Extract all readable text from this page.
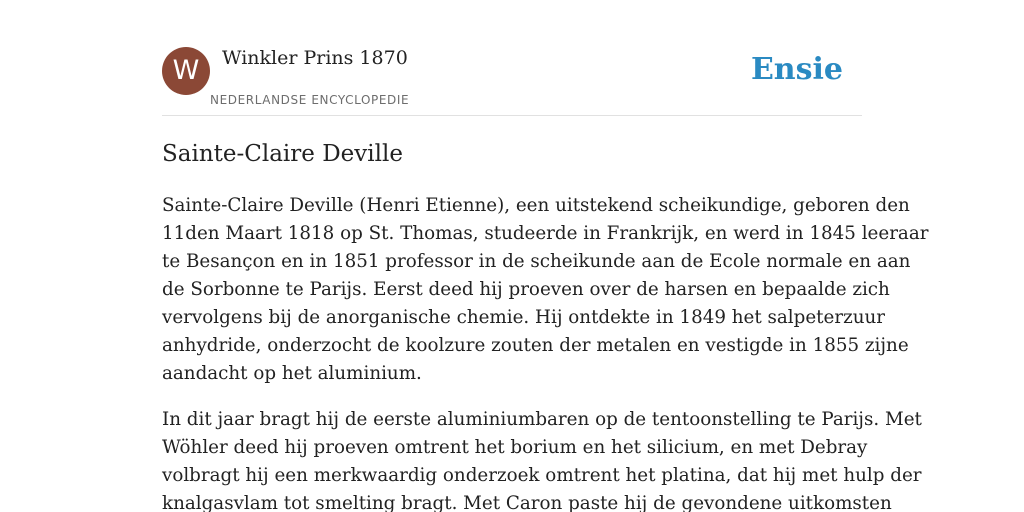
W	Winkler Prins 1870
NEDERLANDSE ENCYCLOPEDIE
Ensie
Sainte-Claire Deville

Sainte-Claire Deville (Henri Etienne), een uitstekend scheikundige, geboren den
11den Maart 1818 op St. Thomas, studeerde in Frankrijk, en werd in 1845 leeraar
te Besançon en in 1851 professor in de scheikunde aan de Ecole normale en aan
de Sorbonne te Parijs. Eerst deed hij proeven over de harsen en bepaalde zich
vervolgens bij de anorganische chemie. Hij ontdekte in 1849 het salpeterzuur
anhydride, onderzocht de koolzure zouten der metalen en vestigde in 1855 zijne
aandacht op het aluminium.

In dit jaar bragt hij de eerste aluminiumbaren op de tentoonstelling te Parijs. Met
Wöhler deed hij proeven omtrent het borium en het silicium, en met Debray
volbragt hij een merkwaardig onderzoek omtrent het platina, dat hij met hulp der
knalgasvlam tot smelting bragt. Met Caron paste hij de gevondene uitkomsten
